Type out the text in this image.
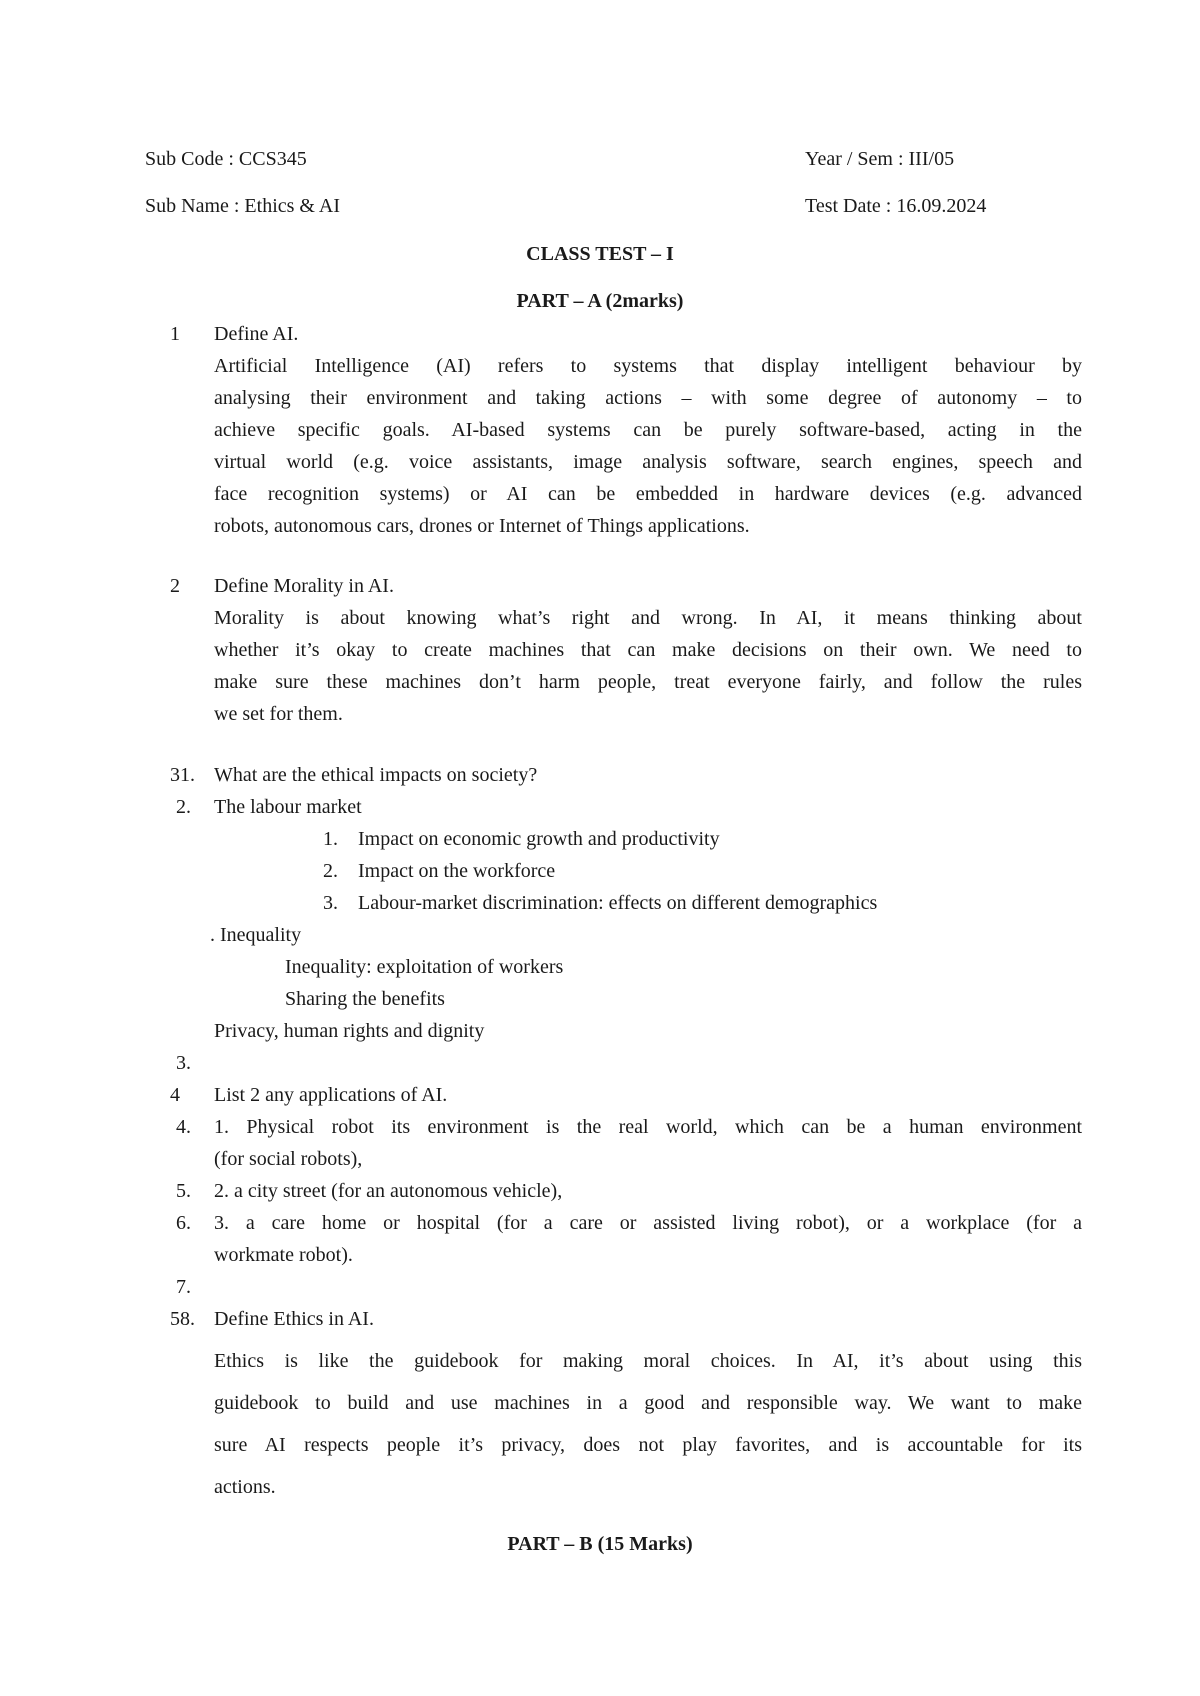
Sub Code : CCS345	Year / Sem : III/05
Sub Name : Ethics & AI	Test Date : 16.09.2024
CLASS TEST – I
PART – A (2marks)
1 Define AI.
Artificial Intelligence (AI) refers to systems that display intelligent behaviour by
analysing their environment and taking actions – with some degree of autonomy – to
achieve specific goals. AI-based systems can be purely software-based, acting in the
virtual world (e.g. voice assistants, image analysis software, search engines, speech and
face recognition systems) or AI can be embedded in hardware devices (e.g. advanced
robots, autonomous cars, drones or Internet of Things applications.
2 Define Morality in AI.
Morality is about knowing what’s right and wrong. In AI, it means thinking about
whether it’s okay to create machines that can make decisions on their own. We need to
make sure these machines don’t harm people, treat everyone fairly, and follow the rules
we set for them.
31. What are the ethical impacts on society?
2. The labour market
1. Impact on economic growth and productivity
2. Impact on the workforce
3. Labour-market discrimination: effects on different demographics
. Inequality
Inequality: exploitation of workers
Sharing the benefits
Privacy, human rights and dignity
3.
4 List 2 any applications of AI.
4. 1. Physical robot its environment is the real world, which can be a human environment
(for social robots),
5. 2. a city street (for an autonomous vehicle),
6. 3. a care home or hospital (for a care or assisted living robot), or a workplace (for a
workmate robot).
7.
58. Define Ethics in AI.
Ethics is like the guidebook for making moral choices. In AI, it’s about using this
guidebook to build and use machines in a good and responsible way. We want to make
sure AI respects people it’s privacy, does not play favorites, and is accountable for its
actions.
PART – B (15 Marks)
